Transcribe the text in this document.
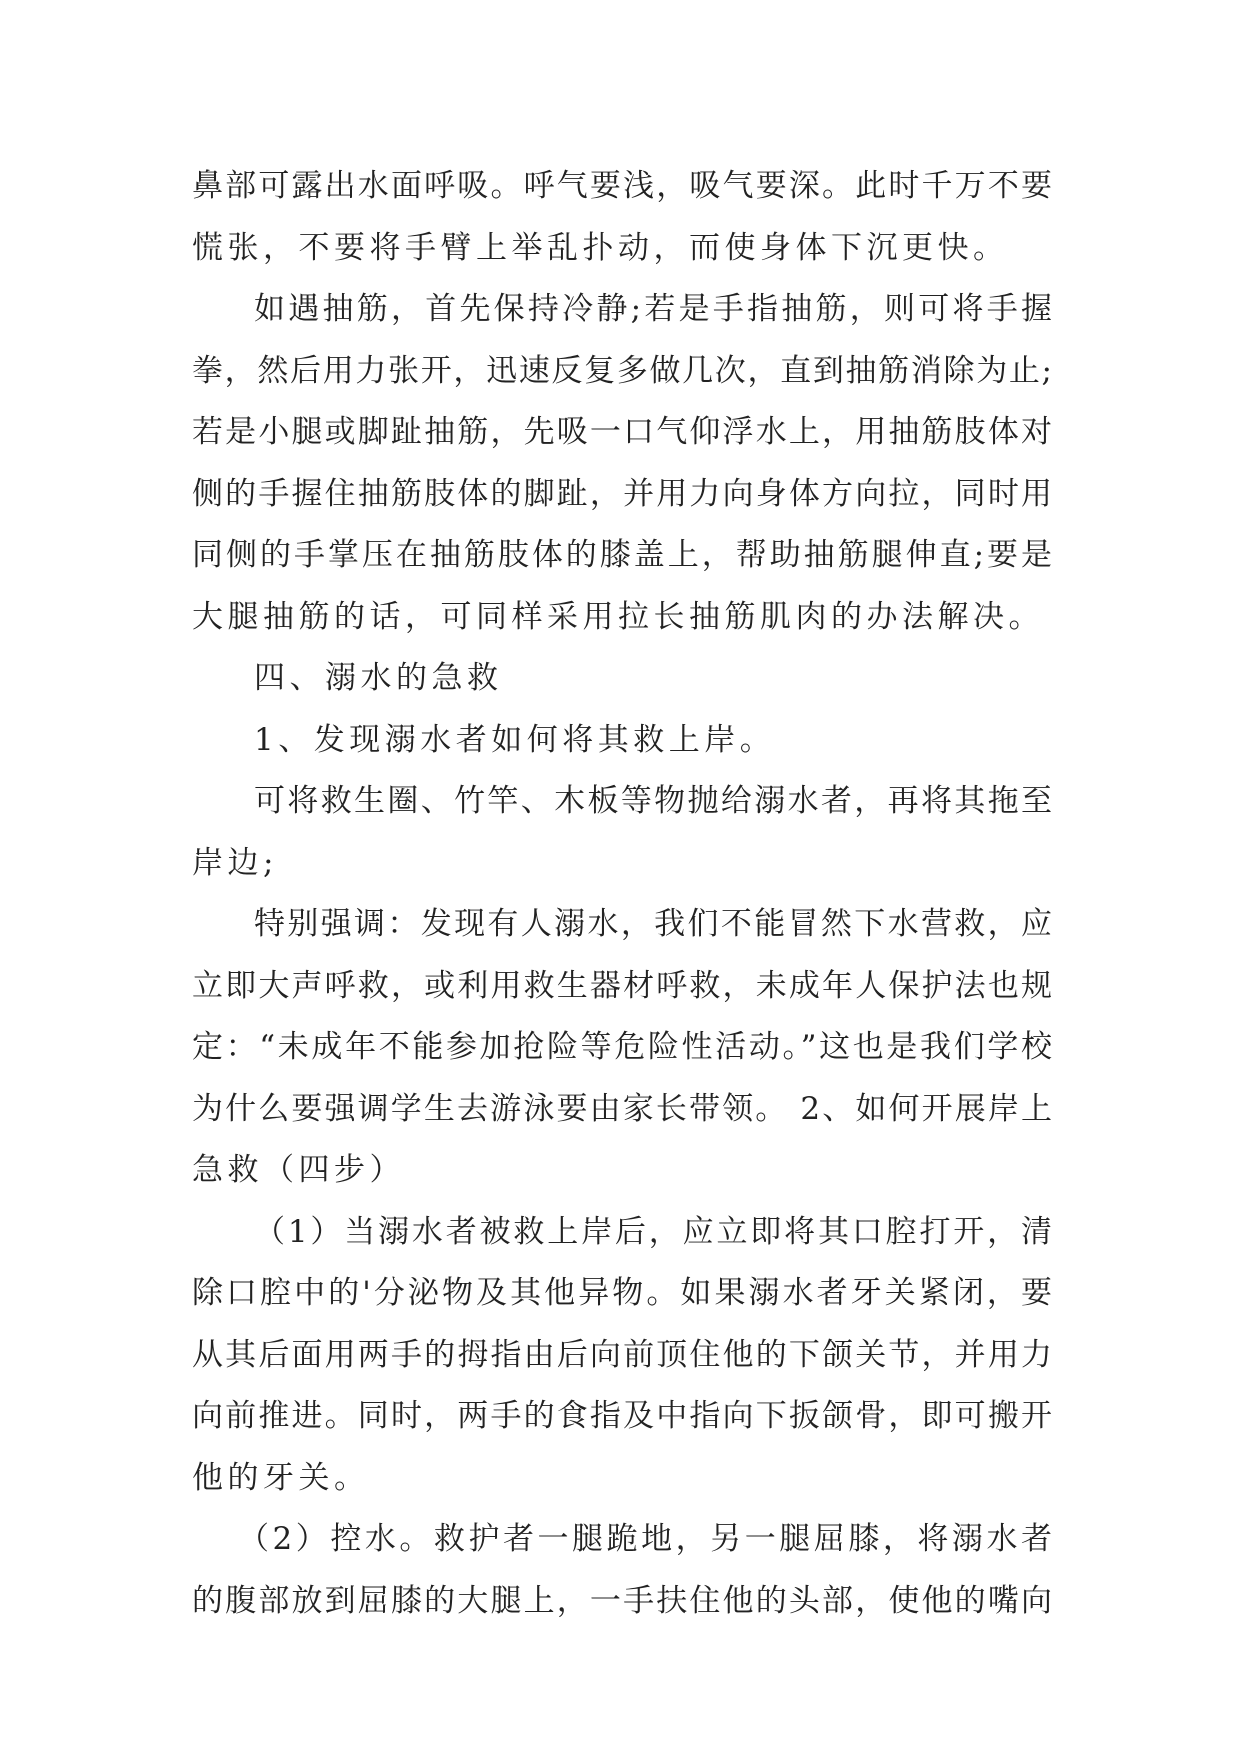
鼻部可露出水面呼吸。呼气要浅，吸气要深。此时千万不要
慌张，不要将手臂上举乱扑动，而使身体下沉更快。
如遇抽筋，首先保持冷静;若是手指抽筋，则可将手握
拳，然后用力张开，迅速反复多做几次，直到抽筋消除为止;
若是小腿或脚趾抽筋，先吸一口气仰浮水上，用抽筋肢体对
侧的手握住抽筋肢体的脚趾，并用力向身体方向拉，同时用
同侧的手掌压在抽筋肢体的膝盖上，帮助抽筋腿伸直;要是
大腿抽筋的话，可同样采用拉长抽筋肌肉的办法解决。
四、溺水的急救
1、发现溺水者如何将其救上岸。
可将救生圈、竹竿、木板等物抛给溺水者，再将其拖至
岸边;
特别强调：发现有人溺水，我们不能冒然下水营救，应
立即大声呼救，或利用救生器材呼救，未成年人保护法也规
定：“未成年不能参加抢险等危险性活动。”这也是我们学校
为什么要强调学生去游泳要由家长带领。 2、如何开展岸上
急救（四步）
（1）当溺水者被救上岸后，应立即将其口腔打开，清
除口腔中的'分泌物及其他异物。如果溺水者牙关紧闭，要
从其后面用两手的拇指由后向前顶住他的下颌关节，并用力
向前推进。同时，两手的食指及中指向下扳颌骨，即可搬开
他的牙关。
（2）控水。救护者一腿跪地，另一腿屈膝，将溺水者
的腹部放到屈膝的大腿上，一手扶住他的头部，使他的嘴向
